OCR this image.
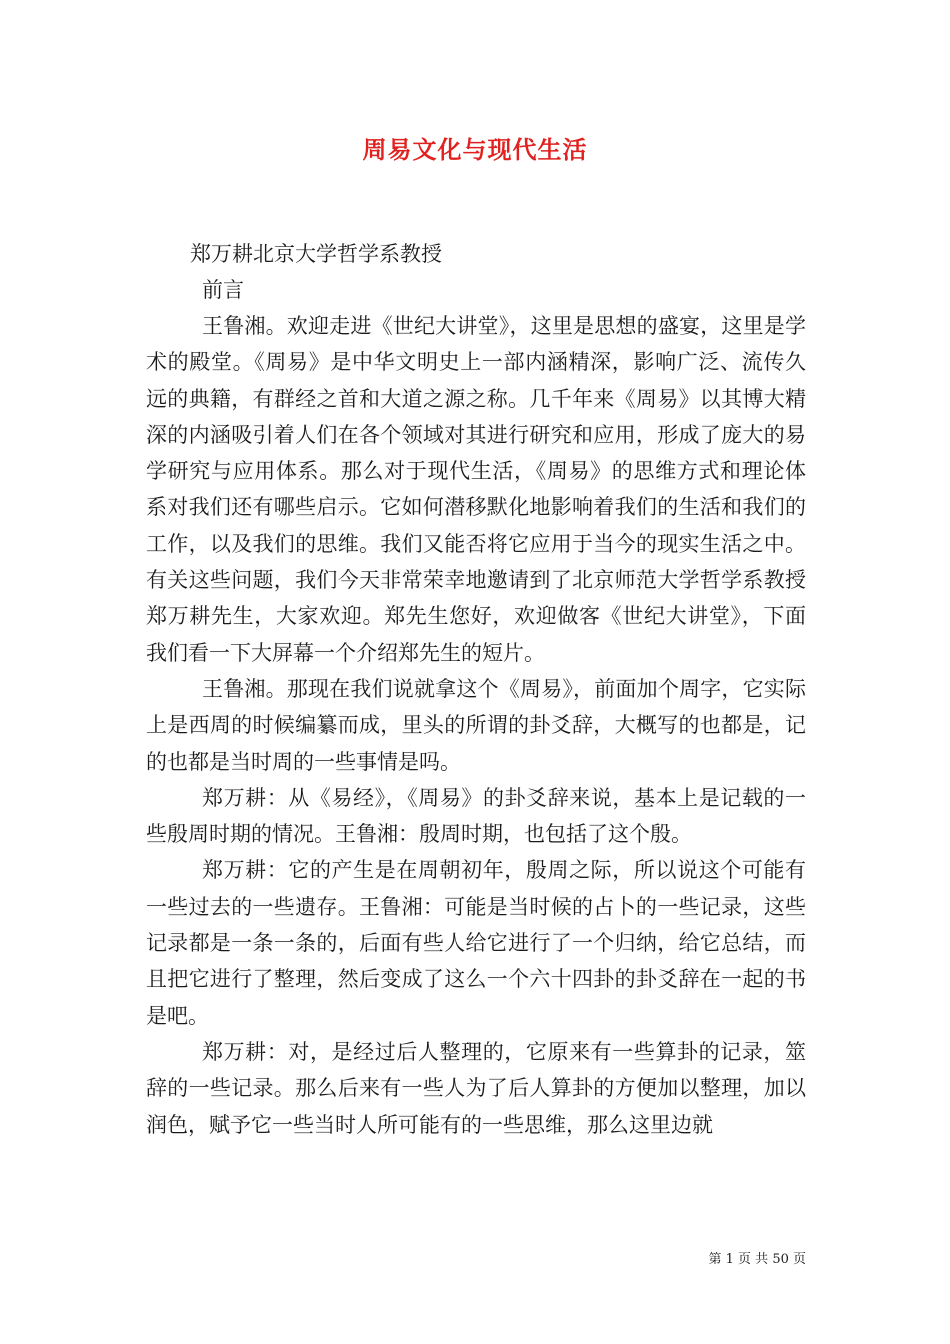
周易文化与现代生活
郑万耕北京大学哲学系教授
前言

王鲁湘。欢迎走进《世纪大讲堂》，这里是思想的盛宴，这里是学术的殿堂。《周易》是中华文明史上一部内涵精深，影响广泛、流传久远的典籍，有群经之首和大道之源之称。几千年来《周易》以其博大精深的内涵吸引着人们在各个领域对其进行研究和应用，形成了庞大的易学研究与应用体系。那么对于现代生活，《周易》的思维方式和理论体系对我们还有哪些启示。它如何潜移默化地影响着我们的生活和我们的工作，以及我们的思维。我们又能否将它应用于当今的现实生活之中。有关这些问题，我们今天非常荣幸地邀请到了北京师范大学哲学系教授郑万耕先生，大家欢迎。郑先生您好，欢迎做客《世纪大讲堂》，下面我们看一下大屏幕一个介绍郑先生的短片。

王鲁湘。那现在我们说就拿这个《周易》，前面加个周字，它实际上是西周的时候编纂而成，里头的所谓的卦爻辞，大概写的也都是，记的也都是当时周的一些事情是吗。

郑万耕：从《易经》，《周易》的卦爻辞来说，基本上是记载的一些殷周时期的情况。王鲁湘：殷周时期，也包括了这个殷。

郑万耕：它的产生是在周朝初年，殷周之际，所以说这个可能有一些过去的一些遗存。王鲁湘：可能是当时候的占卜的一些记录，这些记录都是一条一条的，后面有些人给它进行了一个归纳，给它总结，而且把它进行了整理，然后变成了这么一个六十四卦的卦爻辞在一起的书是吧。

郑万耕：对，是经过后人整理的，它原来有一些算卦的记录，筮辞的一些记录。那么后来有一些人为了后人算卦的方便加以整理，加以润色，赋予它一些当时人所可能有的一些思维，那么这里边就

第 1 页 共 50 页
